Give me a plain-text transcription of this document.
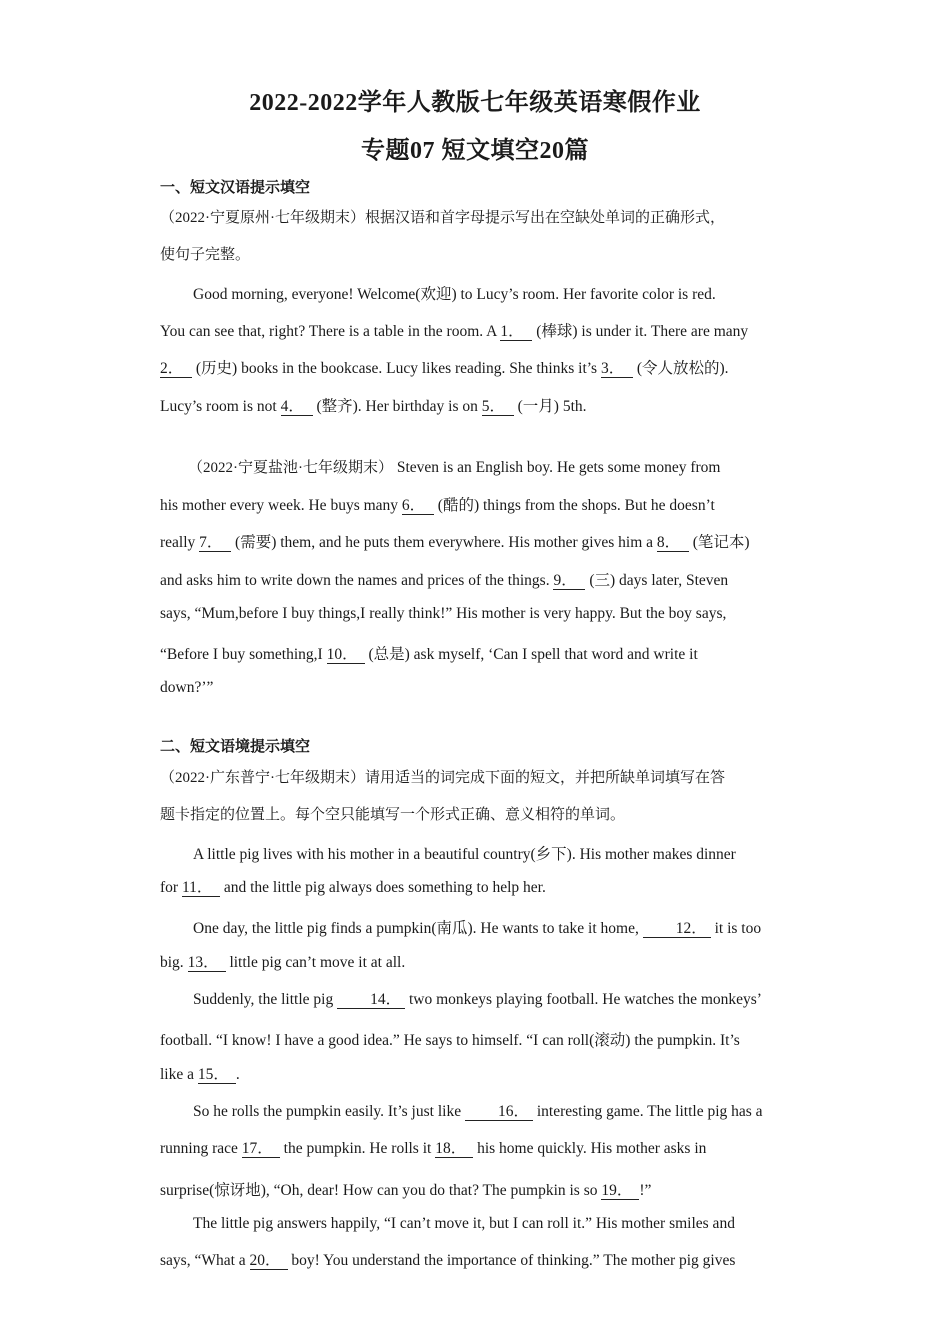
2022-2022学年人教版七年级英语寒假作业
专题07 短文填空20篇
一、短文汉语提示填空
（2022·宁夏原州·七年级期末）根据汉语和首字母提示写出在空缺处单词的正确形式，
使句子完整。
Good morning, everyone! Welcome(欢迎) to Lucy’s room. Her favorite color is red.
You can see that, right? There is a table in the room. A 1． (棒球) is under it. There are many
2． (历史) books in the bookcase. Lucy likes reading. She thinks it’s 3． (令人放松的).
Lucy’s room is not 4． (整齐). Her birthday is on 5． (一月) 5th.
（2022·宁夏盐池·七年级期末） Steven is an English boy. He gets some money from
his mother every week. He buys many 6． (酷的) things from the shops. But he doesn’t
really 7． (需要) them, and he puts them everywhere. His mother gives him a 8． (笔记本)
and asks him to write down the names and prices of the things. 9． (三) days later, Steven
says, “Mum,before I buy things,I really think!” His mother is very happy. But the boy says,
“Before I buy something,I 10． (总是) ask myself, ‘Can I spell that word and write it
down?’”
二、短文语境提示填空
（2022·广东普宁·七年级期末）请用适当的词完成下面的短文，并把所缺单词填写在答
题卡指定的位置上。每个空只能填写一个形式正确、意义相符的单词。
A little pig lives with his mother in a beautiful country(乡下). His mother makes dinner
for 11． and the little pig always does something to help her.
One day, the little pig finds a pumpkin(南瓜). He wants to take it home, 12． it is too
big. 13． little pig can’t move it at all.
Suddenly, the little pig 14． two monkeys playing football. He watches the monkeys’
football. “I know! I have a good idea.” He says to himself. “I can roll(滚动) the pumpkin. It’s
like a 15． .
So he rolls the pumpkin easily. It’s just like 16． interesting game. The little pig has a
running race 17． the pumpkin. He rolls it 18． his home quickly. His mother asks in
surprise(惊讶地), “Oh, dear! How can you do that? The pumpkin is so 19． !”
The little pig answers happily, “I can’t move it, but I can roll it.” His mother smiles and
says, “What a 20． boy! You understand the importance of thinking.” The mother pig gives
